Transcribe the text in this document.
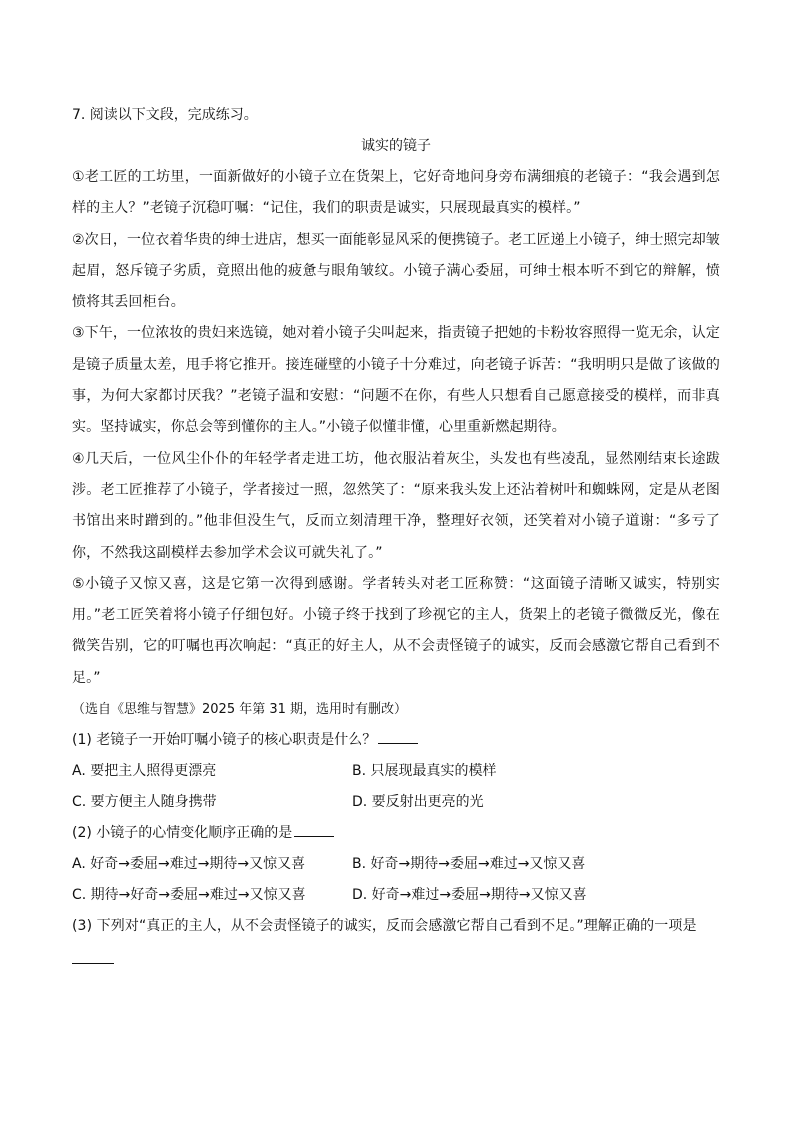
7. 阅读以下文段，完成练习。

诚实的镜子

①老工匠的工坊里，一面新做好的小镜子立在货架上，它好奇地问身旁布满细痕的老镜子：“我会遇到怎样的主人？”老镜子沉稳叮嘱：“记住，我们的职责是诚实，只展现最真实的模样。”

②次日，一位衣着华贵的绅士进店，想买一面能彰显风采的便携镜子。老工匠递上小镜子，绅士照完却皱起眉，怒斥镜子劣质，竟照出他的疲惫与眼角皱纹。小镜子满心委屈，可绅士根本听不到它的辩解，愤愤将其丢回柜台。

③下午，一位浓妆的贵妇来选镜，她对着小镜子尖叫起来，指责镜子把她的卡粉妆容照得一览无余，认定是镜子质量太差，甩手将它推开。接连碰壁的小镜子十分难过，向老镜子诉苦：“我明明只是做了该做的事，为何大家都讨厌我？”老镜子温和安慰：“问题不在你，有些人只想看自己愿意接受的模样，而非真实。坚持诚实，你总会等到懂你的主人。”小镜子似懂非懂，心里重新燃起期待。

④几天后，一位风尘仆仆的年轻学者走进工坊，他衣服沾着灰尘，头发也有些凌乱，显然刚结束长途跋涉。老工匠推荐了小镜子，学者接过一照，忽然笑了：“原来我头发上还沾着树叶和蜘蛛网，定是从老图书馆出来时蹭到的。”他非但没生气，反而立刻清理干净，整理好衣领，还笑着对小镜子道谢：“多亏了你，不然我这副模样去参加学术会议可就失礼了。”

⑤小镜子又惊又喜，这是它第一次得到感谢。学者转头对老工匠称赞：“这面镜子清晰又诚实，特别实用。”老工匠笑着将小镜子仔细包好。小镜子终于找到了珍视它的主人，货架上的老镜子微微反光，像在微笑告别，它的叮嘱也再次响起：“真正的好主人，从不会责怪镜子的诚实，反而会感激它帮自己看到不足。”

（选自《思维与智慧》2025 年第 31 期，选用时有删改）

(1) 老镜子一开始叮嘱小镜子的核心职责是什么？

A. 要把主人照得更漂亮	B. 只展现最真实的模样
C. 要方便主人随身携带	D. 要反射出更亮的光

(2) 小镜子的心情变化顺序正确的是

A. 好奇→委屈→难过→期待→又惊又喜	B. 好奇→期待→委屈→难过→又惊又喜
C. 期待→好奇→委屈→难过→又惊又喜	D. 好奇→难过→委屈→期待→又惊又喜

(3) 下列对“真正的主人，从不会责怪镜子的诚实，反而会感激它帮自己看到不足。”理解正确的一项是
